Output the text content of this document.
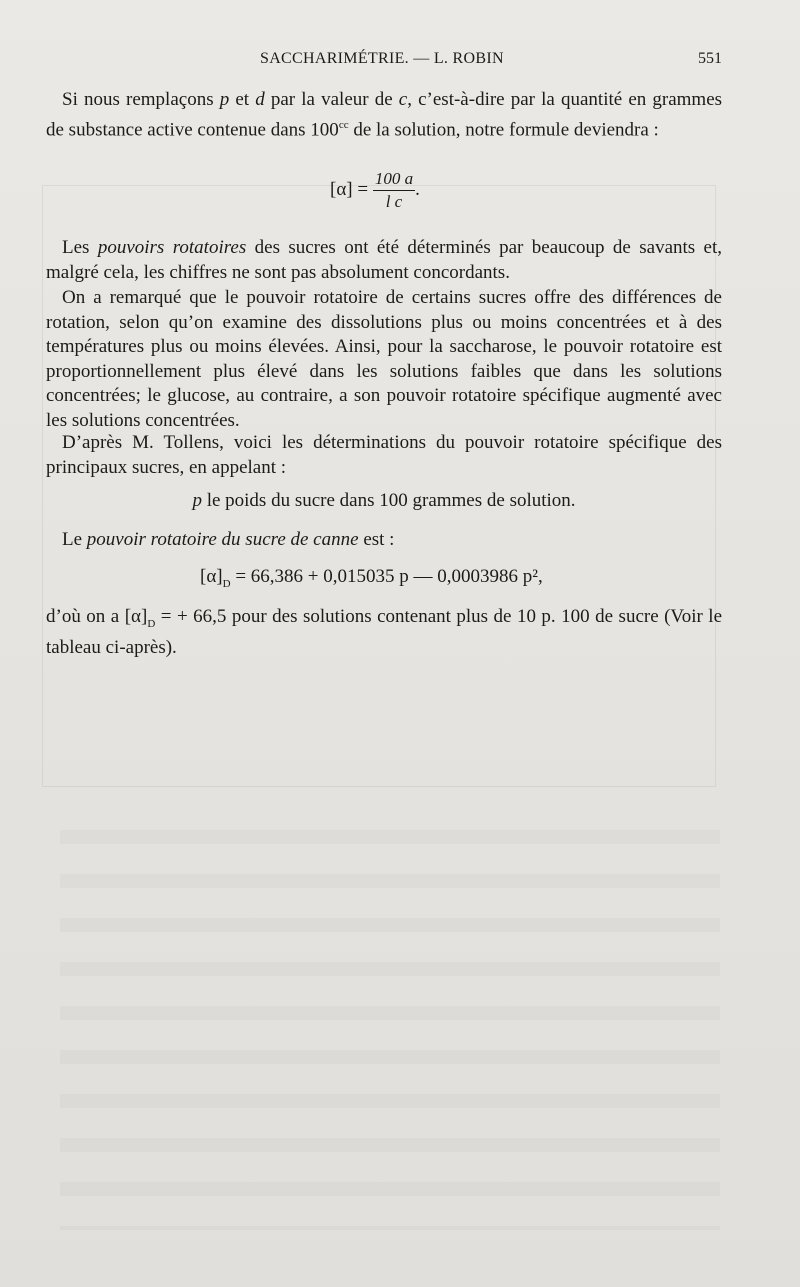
SACCHARIMÉTRIE. — L. ROBIN	551
Si nous remplaçons p et d par la valeur de c, c’est-à-dire par la quantité en grammes de substance active contenue dans $100^{cc}$ de la solution, notre formule deviendra :
$[\alpha] = \frac{100 a}{\text{l c}}$ .
Les pouvoirs rotatoires des sucres ont été déterminés par beaucoup de savants et, malgré cela, les chiffres ne sont pas absolument concordants.
On a remarqué que le pouvoir rotatoire de certains sucres offre des différences de rotation, selon qu’on examine des dissolutions plus ou moins concentrées et à des températures plus ou moins élevées. Ainsi, pour la saccharose, le pouvoir rotatoire est proportionnellement plus élevé dans les solutions faibles que dans les solutions concentrées; le glucose, au contraire, a son pouvoir rotatoire spécifique augmenté avec les solutions concentrées.
D’après M. Tollens, voici les déterminations du pouvoir rotatoire spécifique des principaux sucres, en appelant :
p le poids du sucre dans 100 grammes de solution.
Le pouvoir rotatoire du sucre de canne est :
$[\alpha]_D = 66,386 + 0,015035$ p — 0,0003986 p²,
d’où on a $[\alpha]_D$ = + 66,5 pour des solutions contenant plus de 10 p. 100 de sucre (Voir le tableau ci-après).
